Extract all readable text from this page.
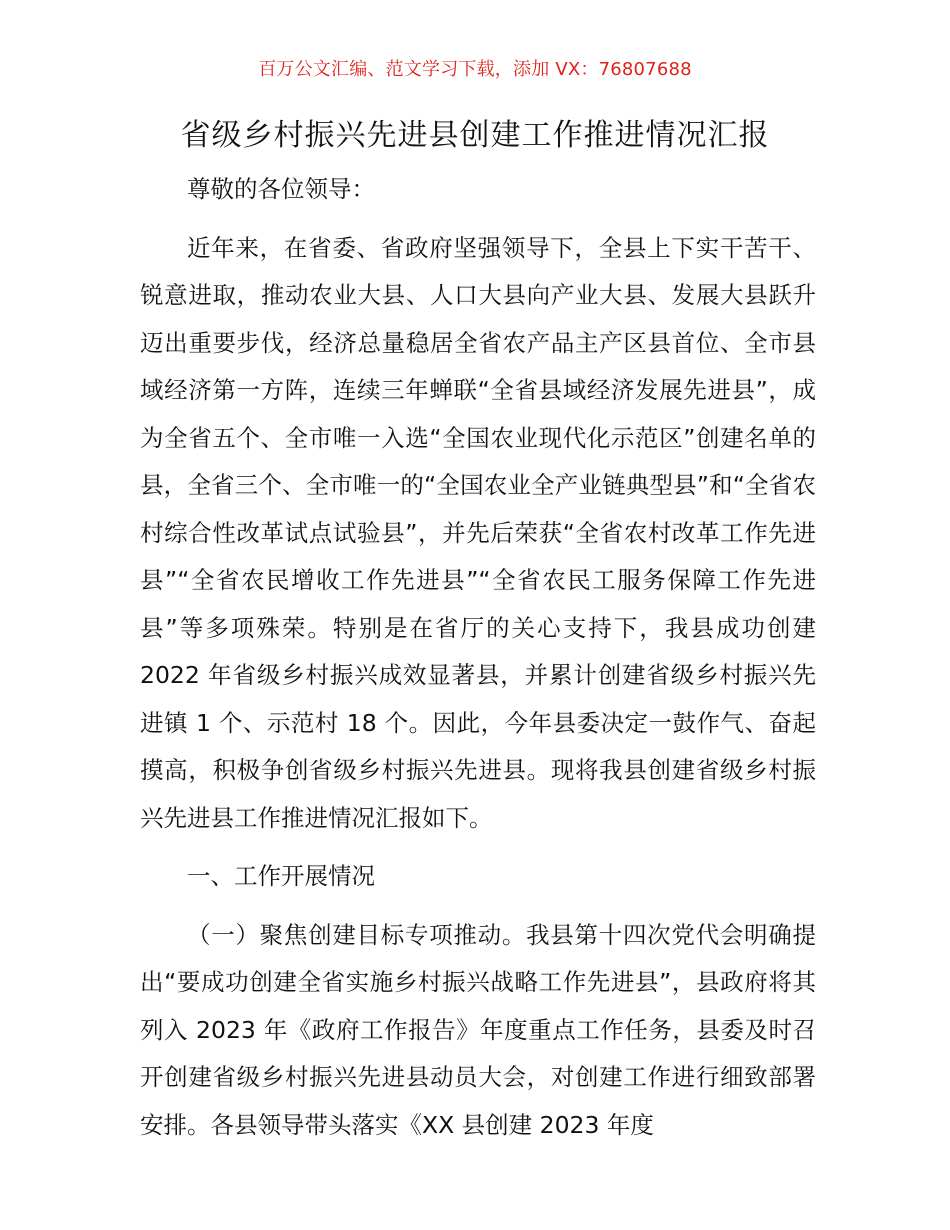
百万公文汇编、范文学习下载，添加 VX：76807688
省级乡村振兴先进县创建工作推进情况汇报

尊敬的各位领导：

近年来，在省委、省政府坚强领导下，全县上下实干苦干、锐意进取，推动农业大县、人口大县向产业大县、发展大县跃升迈出重要步伐，经济总量稳居全省农产品主产区县首位、全市县域经济第一方阵，连续三年蝉联“全省县域经济发展先进县”，成为全省五个、全市唯一入选“全国农业现代化示范区”创建名单的县，全省三个、全市唯一的“全国农业全产业链典型县”和“全省农村综合性改革试点试验县”，并先后荣获“全省农村改革工作先进县”“全省农民增收工作先进县”“全省农民工服务保障工作先进县”等多项殊荣。特别是在省厅的关心支持下，我县成功创建 2022 年省级乡村振兴成效显著县，并累计创建省级乡村振兴先进镇 1 个、示范村 18 个。因此，今年县委决定一鼓作气、奋起摸高，积极争创省级乡村振兴先进县。现将我县创建省级乡村振兴先进县工作推进情况汇报如下。

一、工作开展情况

（一）聚焦创建目标专项推动。我县第十四次党代会明确提出“要成功创建全省实施乡村振兴战略工作先进县”，县政府将其列入 2023 年《政府工作报告》年度重点工作任务，县委及时召开创建省级乡村振兴先进县动员大会，对创建工作进行细致部署安排。各县领导带头落实《XX 县创建 2023 年度
